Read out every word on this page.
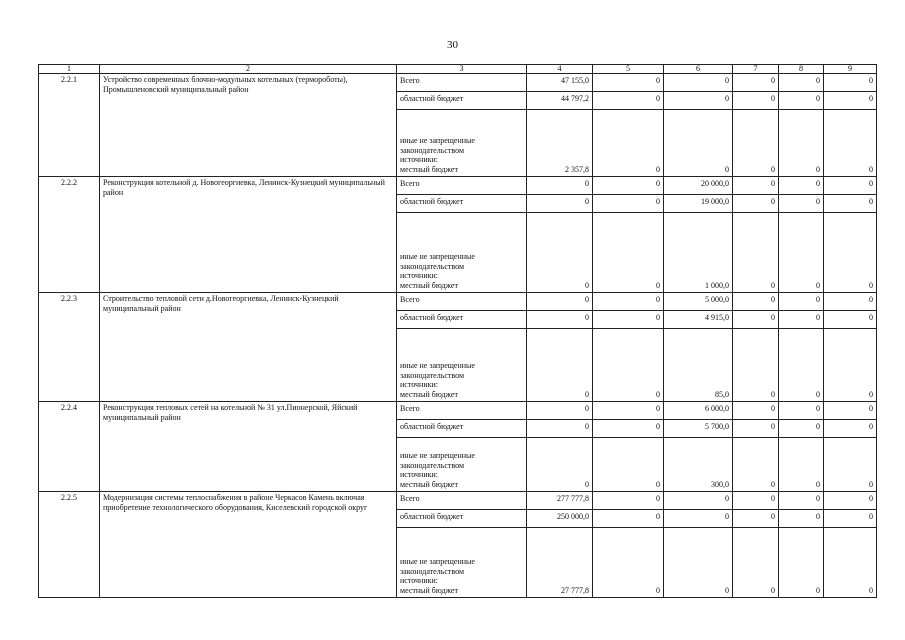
30
1	2	3	4	5	6	7	8	9
2.2.1	Устройство современных блочно-модульных котельных (термороботы), Промышленовский муниципальный район	Всего	47 155,0	0	0	0	0	0
		областной бюджет	44 797,2	0	0	0	0	0

		иные не запрещенные
законодательством
источники:
местный бюджет	2 357,8	0	0	0	0	0
2.2.2	Реконструкция котельной д. Новогеоргиевка, Ленинск-Кузнецкий муниципальный район	Всего	0	0	20 000,0	0	0	0
		областной бюджет	0	0	19 000,0	0	0	0

		иные не запрещенные
законодательством
источники:
местный бюджет	0	0	1 000,0	0	0	0
2.2.3	Строительство тепловой сети д.Новогеоргиевка, Ленинск-Кузнецкий муниципальный район	Всего	0	0	5 000,0	0	0	0
		областной бюджет	0	0	4 915,0	0	0	0

		иные не запрещенные
законодательством
источники:
местный бюджет	0	0	85,0	0	0	0
2.2.4	Реконструкция тепловых сетей на котельной № 31 ул.Пионерской, Яйский муниципальный район	Всего	0	0	6 000,0	0	0	0
		областной бюджет	0	0	5 700,0	0	0	0

		иные не запрещенные
законодательством
источники:
местный бюджет	0	0	300,0	0	0	0
2.2.5	Модернизация системы теплоснабжения в районе Черкасов Камень включая приобретение технологического оборудования, Киселевский городской округ	Всего	277 777,8	0	0	0	0	0
		областной бюджет	250 000,0	0	0	0	0	0

		иные не запрещенные
законодательством
источники:
местный бюджет	27 777,8	0	0	0	0	0
